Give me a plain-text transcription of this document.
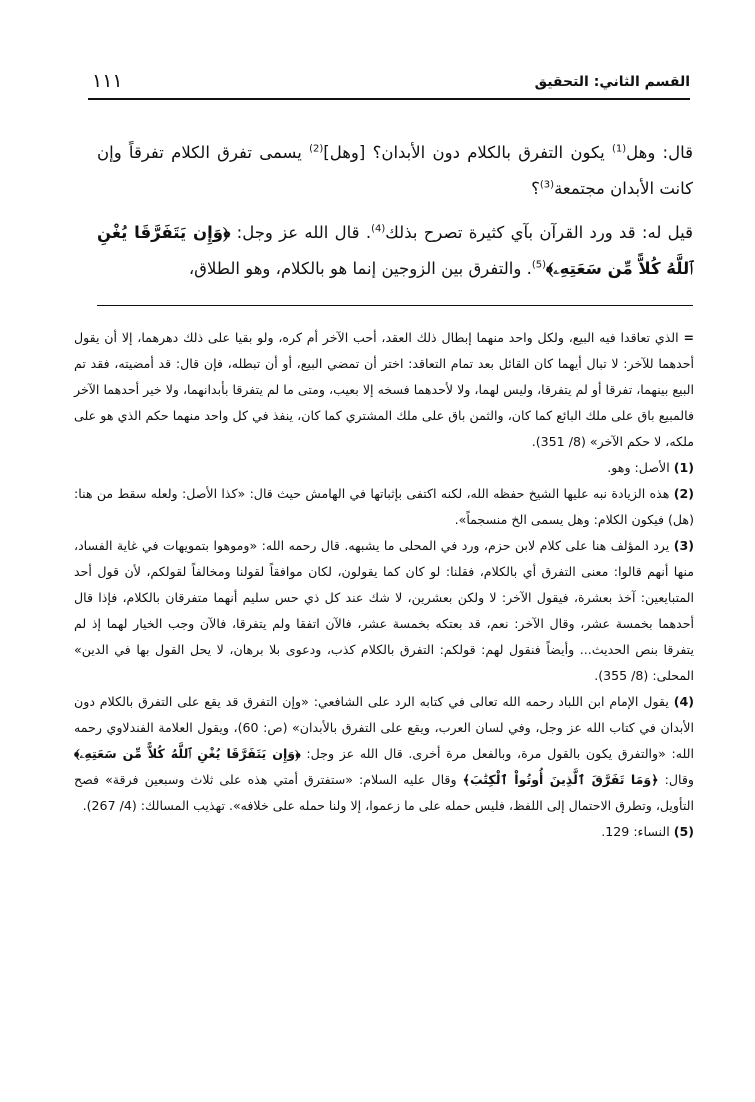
١١١	القسم الثاني: التحقيق

قال: وهل$^{(1)}$ يكون التفرق بالكلام دون الأبدان؟ [وهل]$^{(2)}$ يسمى تفرق الكلام تفرقاً وإن كانت الأبدان مجتمعة$^{(3)}$؟

قيل له: قد ورد القرآن بآي كثيرة تصرح بذلك$^{(4)}$. قال الله عز وجل: ﴿وَإِن يَتَفَرَّقَا يُغْنِ ٱللَّهُ كُلاًّ مِّن سَعَتِهِۦ﴾$^{(5)}$. والتفرق بين الزوجين إنما هو بالكلام، وهو الطلاق،

= الذي تعاقدا فيه البيع، ولكل واحد منهما إبطال ذلك العقد، أحب الآخر أم كره، ولو بقيا على ذلك دهرهما، إلا أن يقول أحدهما للآخر: لا تبال أيهما كان القائل بعد تمام التعاقد: اختر أن تمضي البيع، أو أن تبطله، فإن قال: قد أمضيته، فقد تم البيع بينهما، تفرقا أو لم يتفرقا، وليس لهما، ولا لأحدهما فسخه إلا بعيب، ومتى ما لم يتفرقا بأبدانهما، ولا خير أحدهما الآخر فالمبيع باق على ملك البائع كما كان، والثمن باق على ملك المشتري كما كان، ينفذ في كل واحد منهما حكم الذي هو على ملكه، لا حكم الآخر» (8/ 351).

(1) الأصل: وهو.

(2) هذه الزيادة نبه عليها الشيخ حفظه الله، لكنه اكتفى بإثباتها في الهامش حيث قال: «كذا الأصل: ولعله سقط من هنا: (هل) فيكون الكلام: وهل يسمى الخ منسجماً».

(3) يرد المؤلف هنا على كلام لابن حزم، ورد في المحلى ما يشبهه. قال رحمه الله: «وموهوا بتمويهات في غاية الفساد، منها أنهم قالوا: معنى التفرق أي بالكلام، فقلنا: لو كان كما يقولون، لكان موافقاً لقولنا ومخالفاً لقولكم، لأن قول أحد المتبايعين: آخذ بعشرة، فيقول الآخر: لا ولكن بعشرين، لا شك عند كل ذي حس سليم أنهما متفرقان بالكلام، فإذا قال أحدهما بخمسة عشر، وقال الآخر: نعم، قد بعتكه بخمسة عشر، فالآن اتفقا ولم يتفرقا، فالآن وجب الخيار لهما إذ لم يتفرقا بنص الحديث... وأيضاً فنقول لهم: قولكم: التفرق بالكلام كذب، ودعوى بلا برهان، لا يحل القول بها في الدين» المحلى: (8/ 355).

(4) يقول الإمام ابن اللباد رحمه الله تعالى في كتابه الرد على الشافعي: «وإن التفرق قد يقع على التفرق بالكلام دون الأبدان في كتاب الله عز وجل، وفي لسان العرب، ويقع على التفرق بالأبدان» (ص: 60)، ويقول العلامة الفندلاوي رحمه الله: «والتفرق يكون بالقول مرة، وبالفعل مرة أخرى. قال الله عز وجل: ﴿وَإِن يَتَفَرَّقَا يُغْنِ ٱللَّهُ كُلاًّ مِّن سَعَتِهِۦ﴾ وقال: ﴿وَمَا تَفَرَّقَ ٱلَّذِينَ أُوتُواْ ٱلْكِتَٰبَ﴾ وقال عليه السلام: «ستفترق أمتي هذه على ثلاث وسبعين فرقة» فصح التأويل، وتطرق الاحتمال إلى اللفظ، فليس حمله على ما زعموا، إلا ولنا حمله على خلافه». تهذيب المسالك: (4/ 267).

(5) النساء: 129.
